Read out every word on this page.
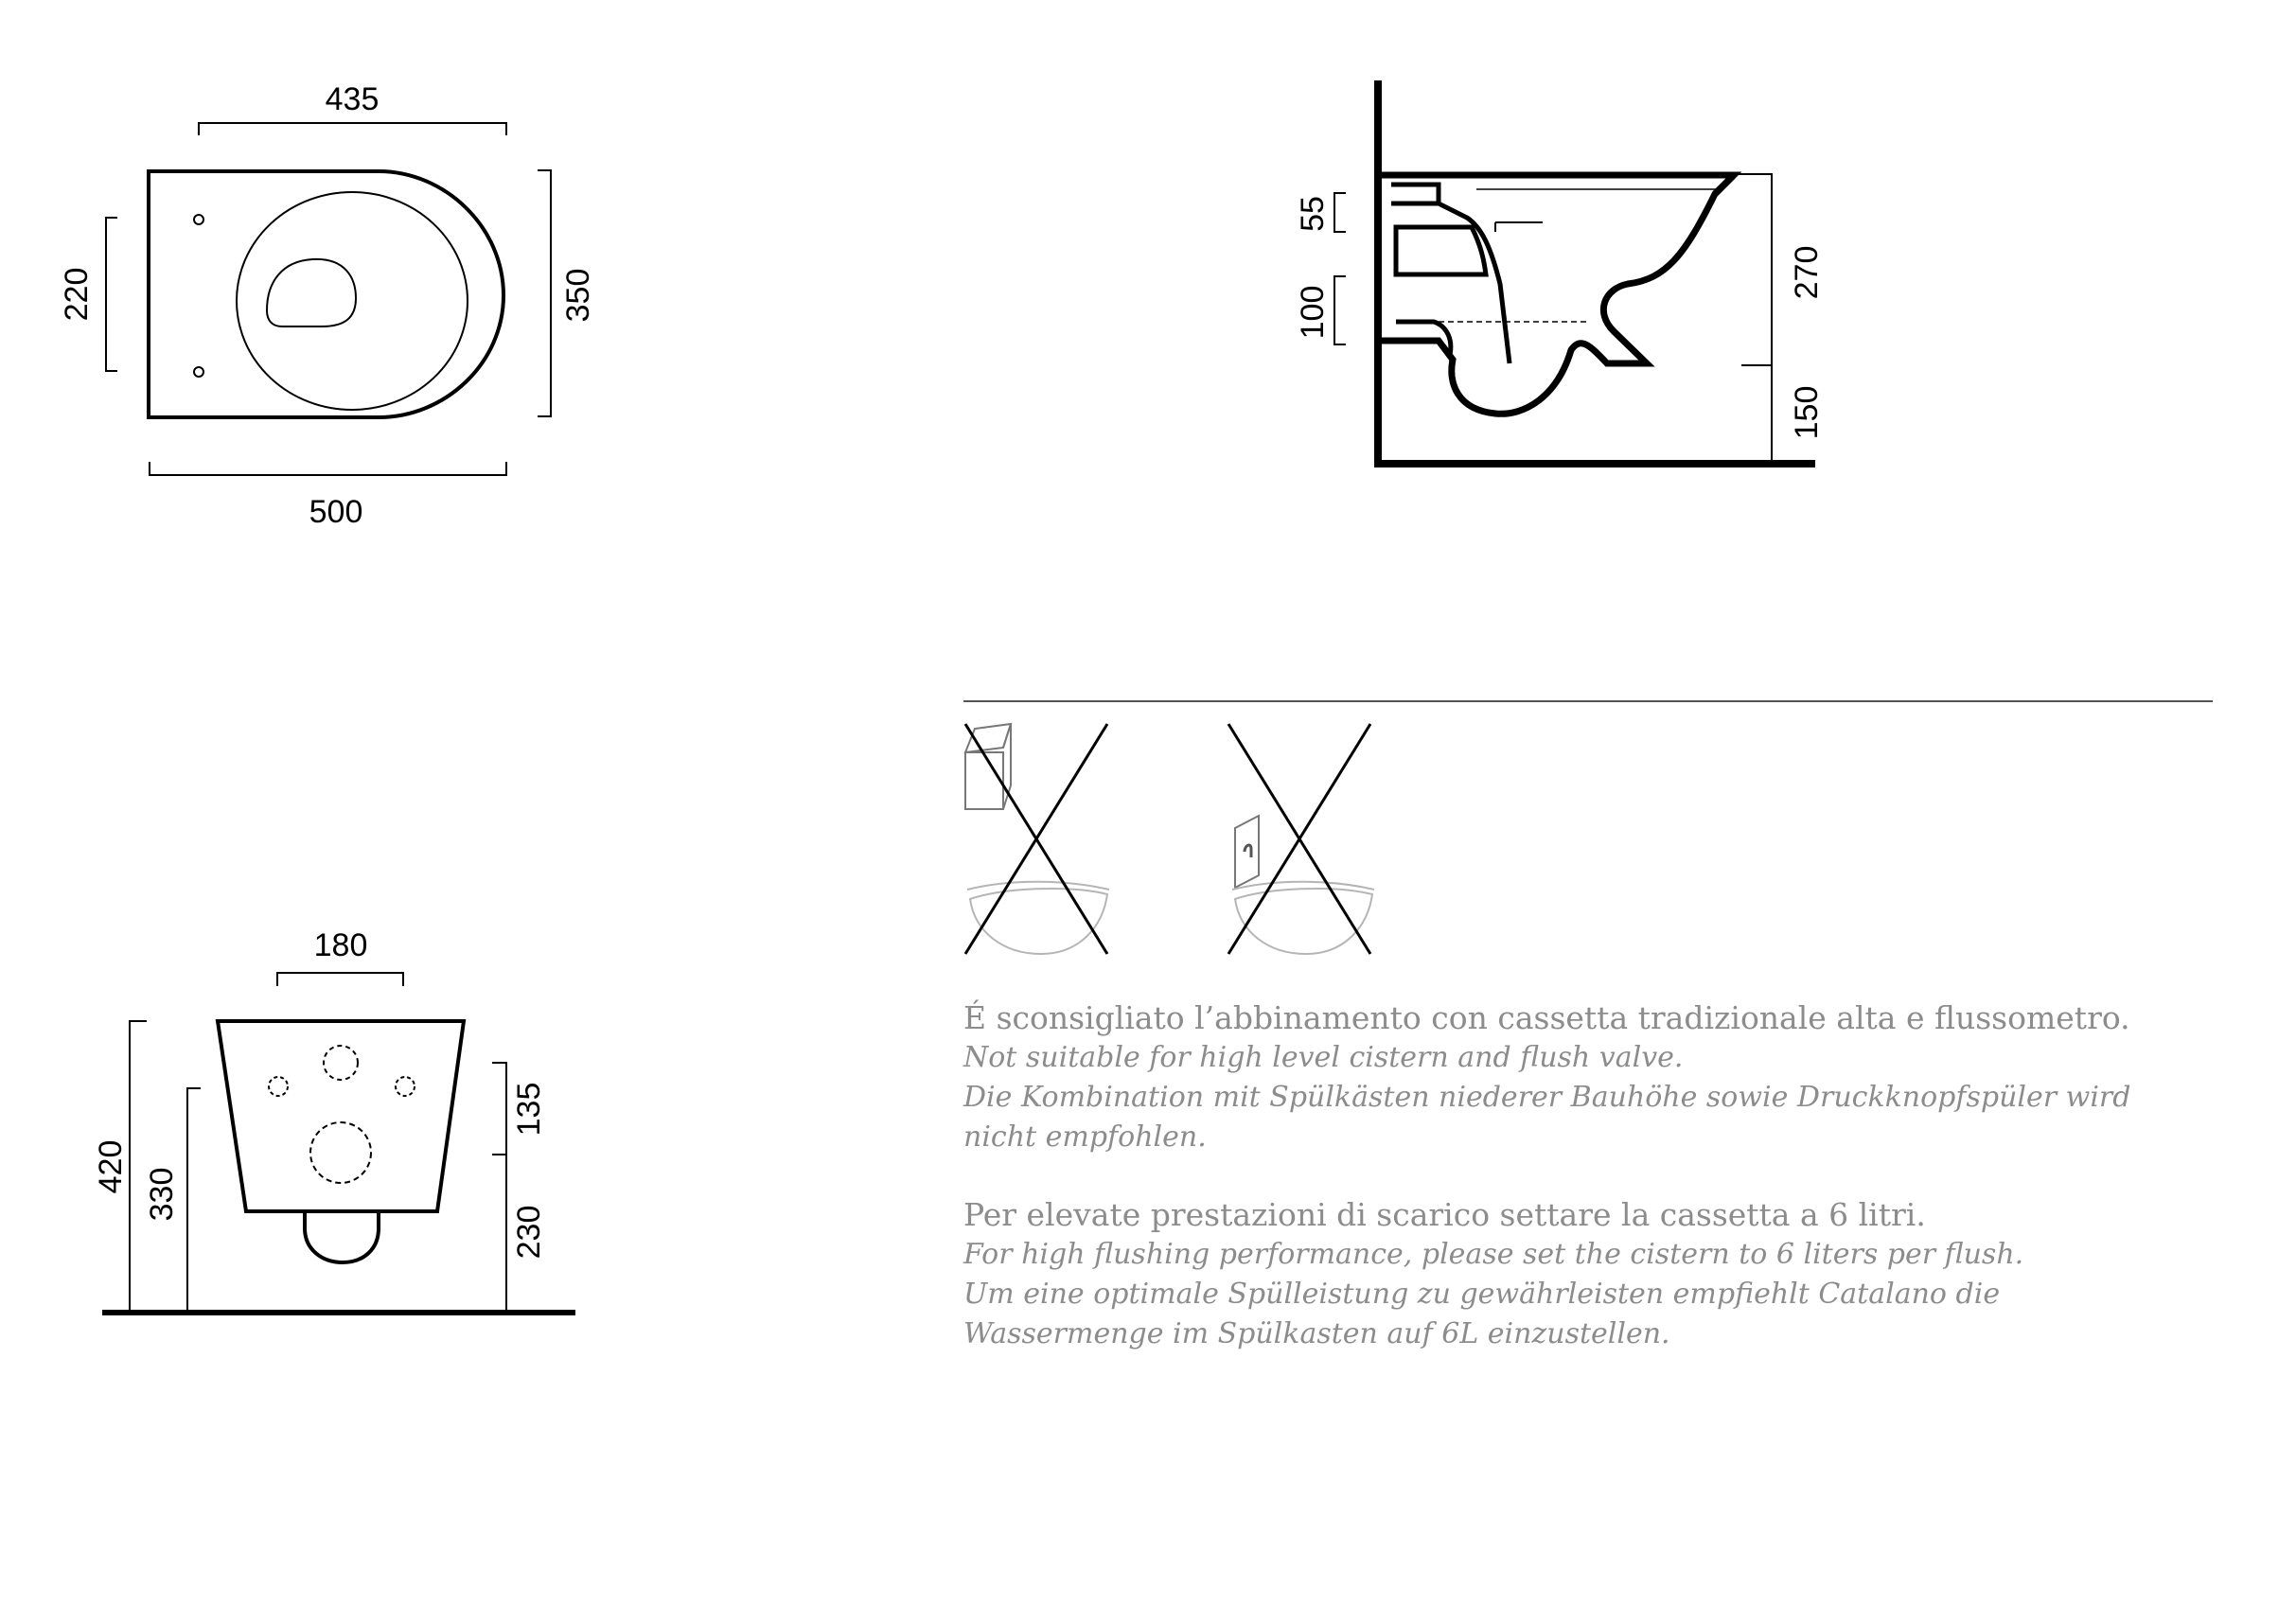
435
500
220	350
55
100
270
150
180
420
330
135
230

É sconsigliato l’abbinamento con cassetta tradizionale alta e flussometro.

Not suitable for high level cistern and flush valve.

Die Kombination mit Spülkästen niederer Bauhöhe sowie Druckknopfspüler wird

nicht empfohlen.

Per elevate prestazioni di scarico settare la cassetta a 6 litri.

For high flushing performance, please set the cistern to 6 liters per flush.

Um eine optimale Spülleistung zu gewährleisten empfiehlt Catalano die

Wassermenge im Spülkasten auf 6L einzustellen.
